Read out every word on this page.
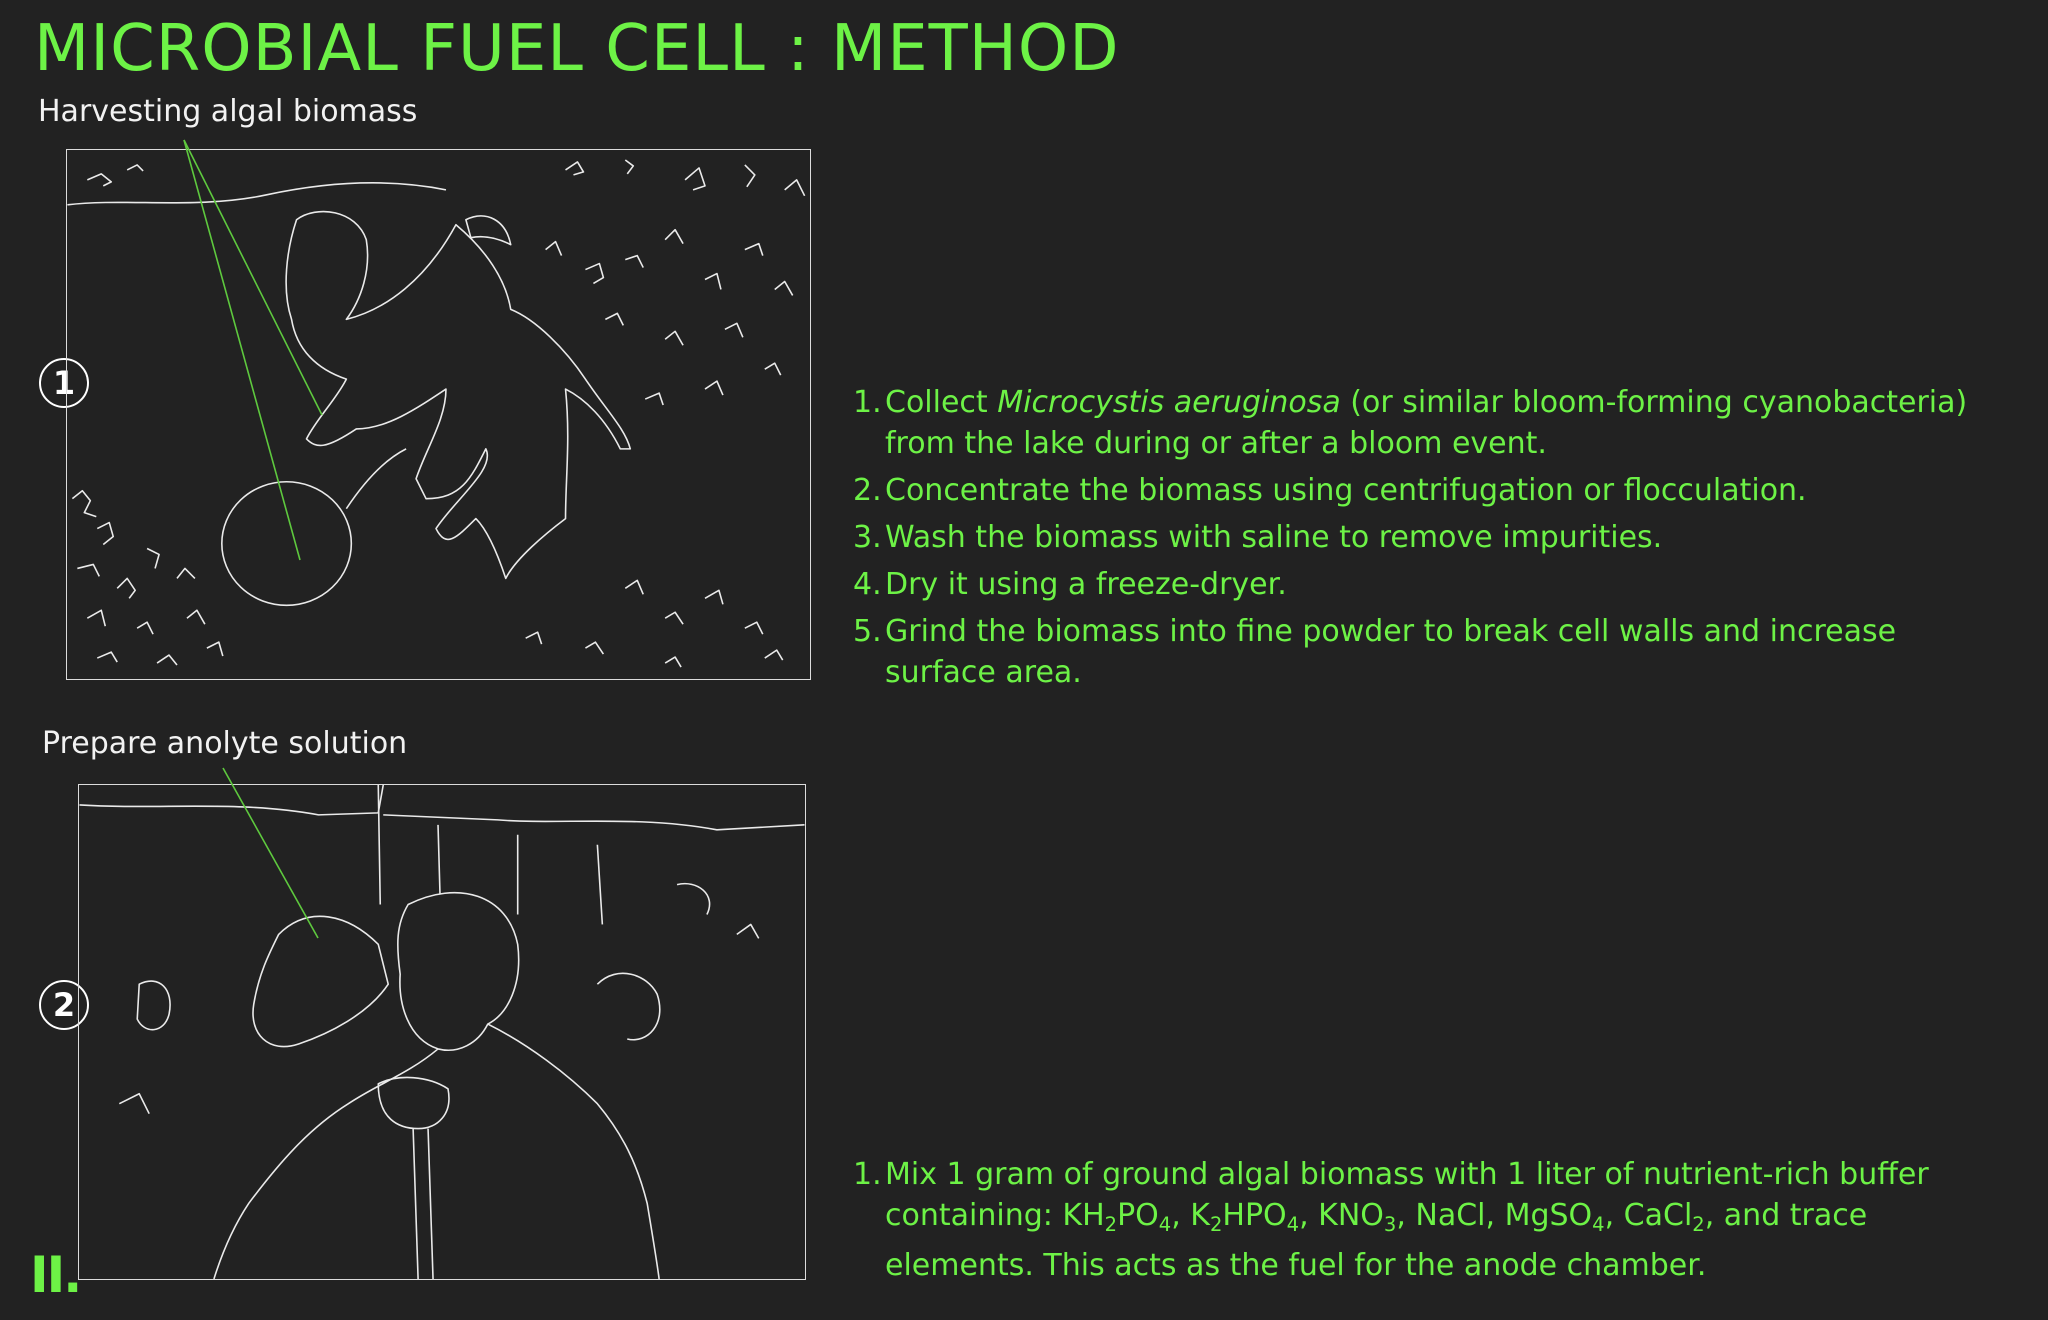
MICROBIAL FUEL CELL : METHOD
Harvesting algal biomass
1
1. Collect Microcystis aeruginosa (or similar bloom-forming cyanobacteria) from the lake during or after a bloom event.
2. Concentrate the biomass using centrifugation or flocculation.
3. Wash the biomass with saline to remove impurities.
4. Dry it using a freeze-dryer.
5. Grind the biomass into fine powder to break cell walls and increase surface area.
Prepare anolyte solution
2
1. Mix 1 gram of ground algal biomass with 1 liter of nutrient-rich buffer containing: $KH_2PO_4$, $K_2HPO_4$, $KNO_3$, NaCl, MgSO$_4$, CaCl$_2$, and trace elements. This acts as the fuel for the anode chamber.
II.
